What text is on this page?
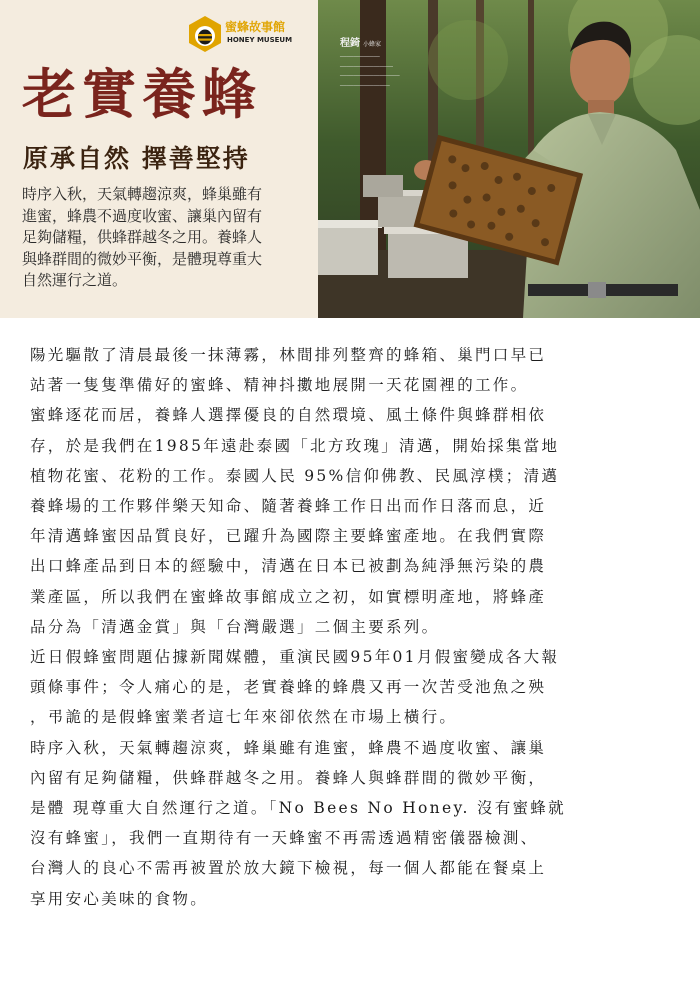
蜜蜂故事館
HONEY MUSEUM
老實養蜂
原承自然 擇善堅持
時序入秋，天氣轉趨涼爽，蜂巢雖有
進蜜，蜂農不過度收蜜、讓巢內留有
足夠儲糧，供蜂群越冬之用。養蜂人
與蜂群間的微妙平衡，是體現尊重大
自然運行之道。
程錡 小蜂家
────────────
────────────────
──────────────────
───────────────

陽光驅散了清晨最後一抹薄霧，林間排列整齊的蜂箱、巢門口早已
站著一隻隻準備好的蜜蜂、精神抖擻地展開一天花園裡的工作。

蜜蜂逐花而居，養蜂人選擇優良的自然環境、風土條件與蜂群相依
存，於是我們在1985年遠赴泰國「北方玫瑰」清邁，開始採集當地
植物花蜜、花粉的工作。泰國人民 95%信仰佛教、民風淳樸；清邁
養蜂場的工作夥伴樂天知命、隨著養蜂工作日出而作日落而息，近
年清邁蜂蜜因品質良好，已躍升為國際主要蜂蜜產地。在我們實際
出口蜂產品到日本的經驗中，清邁在日本已被劃為純淨無污染的農
業產區，所以我們在蜜蜂故事館成立之初，如實標明產地，將蜂產
品分為「清邁金賞」與「台灣嚴選」二個主要系列。

近日假蜂蜜問題佔據新聞媒體，重演民國95年01月假蜜變成各大報
頭條事件；令人痛心的是，老實養蜂的蜂農又再一次苦受池魚之殃
，弔詭的是假蜂蜜業者這七年來卻依然在市場上橫行。

時序入秋，天氣轉趨涼爽，蜂巢雖有進蜜，蜂農不過度收蜜、讓巢
內留有足夠儲糧，供蜂群越冬之用。養蜂人與蜂群間的微妙平衡，
是體 現尊重大自然運行之道。「No Bees No Honey. 沒有蜜蜂就
沒有蜂蜜」，我們一直期待有一天蜂蜜不再需透過精密儀器檢測、
台灣人的良心不需再被置於放大鏡下檢視，每一個人都能在餐桌上
享用安心美味的食物。
